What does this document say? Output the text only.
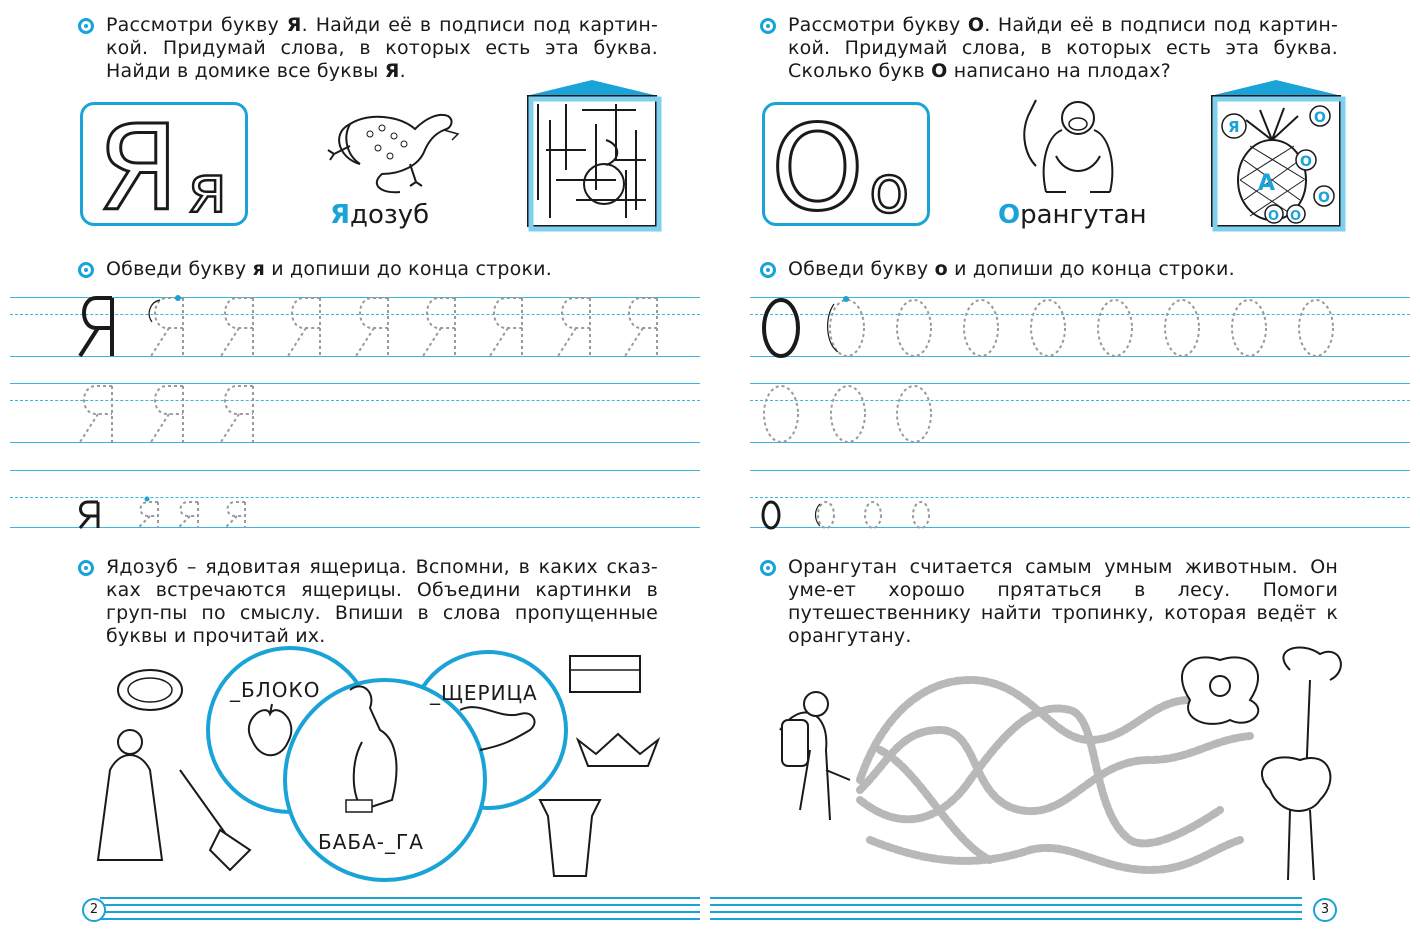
Рассмотри букву Я. Найди её в подписи под картин-кой. Придумай слова, в которых есть эта буква. Найди в домике все буквы Я.
Я я	Ядозуб
Обведи букву я и допиши до конца строки.
Ядозуб – ядовитая ящерица. Вспомни, в каких сказ-ках встречаются ящерицы. Объедини картинки в груп-пы по смыслу. Впиши в слова пропущенные буквы и прочитай их.
_БЛОКО	_ЩЕРИЦА
БАБА-_ГА
2
Рассмотри букву О. Найди её в подписи под картин-кой. Придумай слова, в которых есть эта буква. Сколько букв О написано на плодах?
О о	Орангутан
Я	О
А
О
О
О О
Обведи букву о и допиши до конца строки.
Орангутан считается самым умным животным. Он уме-ет хорошо прятаться в лесу. Помоги путешественнику найти тропинку, которая ведёт к орангутану.
3
